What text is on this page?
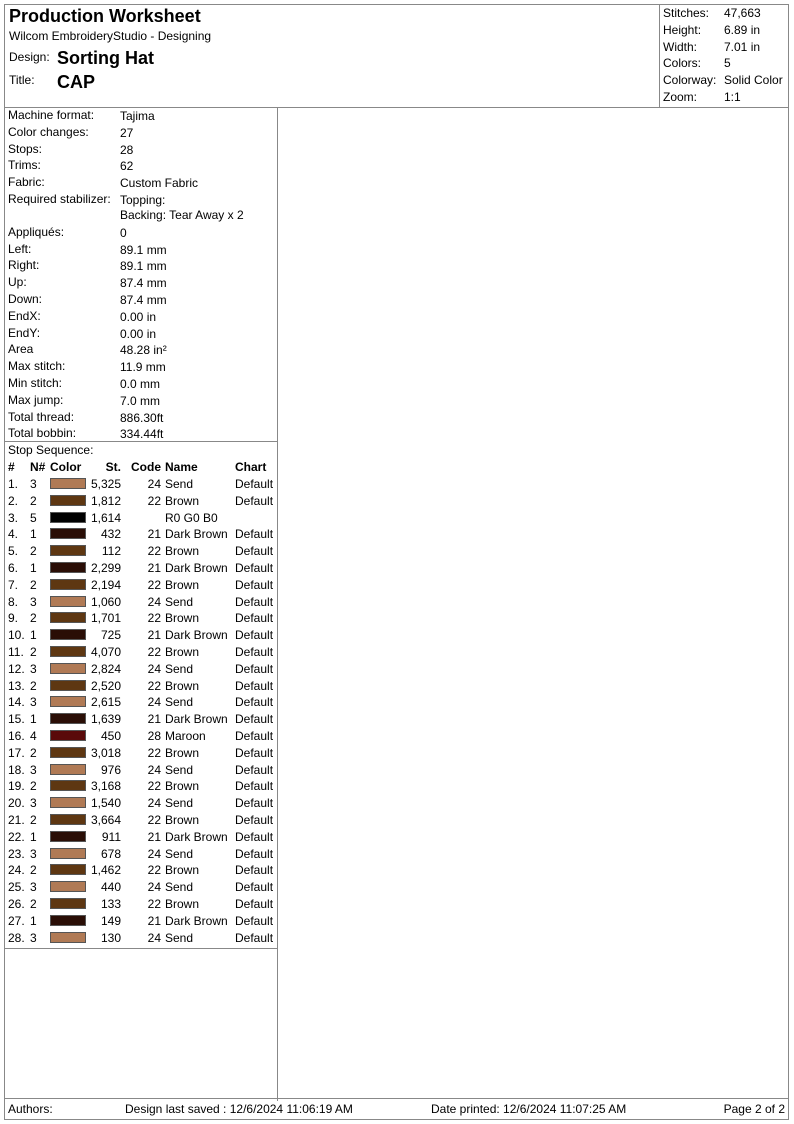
Production Worksheet
Wilcom EmbroideryStudio - Designing
Design: Sorting Hat
Title: CAP
Stitches: 47,663
Height: 6.89 in
Width: 7.01 in
Colors: 5
Colorway: Solid Color
Zoom: 1:1
Machine format: Tajima
Color changes:	27
Stops:	28
Trims:	62
Fabric:	Custom Fabric
Required stabilizer: Topping:
Backing: Tear Away x 2
Appliqués:	0
Left:	89.1 mm
Right:	89.1 mm
Up:	87.4 mm
Down:	87.4 mm
EndX:	0.00 in
EndY:	0.00 in
Area	48.28 in²
Max stitch:	11.9 mm
Min stitch:	0.0 mm
Max jump:	7.0 mm
Total thread:	886.30ft
Total bobbin:	334.44ft
Stop Sequence:
# N# Color St. Code Name	Chart
1. 3	5,325 24 Send	Default
2. 2	1,812 22 Brown	Default
3. 5	1,614	R0 G0 B0
4. 1	432 21 Dark Brown Default
5. 2	112 22 Brown	Default
6. 1	2,299 21 Dark Brown Default
7. 2	2,194 22 Brown	Default
8. 3	1,060 24 Send	Default
9. 2	1,701 22 Brown	Default
10. 1	725 21 Dark Brown Default
11. 2	4,070 22 Brown	Default
12. 3	2,824 24 Send	Default
13. 2	2,520 22 Brown	Default
14. 3	2,615 24 Send	Default
15. 1	1,639 21 Dark Brown Default
16. 4	450 28 Maroon Default
17. 2	3,018 22 Brown	Default
18. 3	976 24 Send	Default
19. 2	3,168 22 Brown	Default
20. 3	1,540 24 Send	Default
21. 2	3,664 22 Brown	Default
22. 1	911 21 Dark Brown Default
23. 3	678 24 Send	Default
24. 2	1,462 22 Brown	Default
25. 3	440 24 Send	Default
26. 2	133 22 Brown	Default
27. 1	149 21 Dark Brown Default
28. 3	130 24 Send	Default
Authors:	Design last saved : 12/6/2024 11:06:19 AM	Date printed: 12/6/2024 11:07:25 AM	Page 2 of 2
